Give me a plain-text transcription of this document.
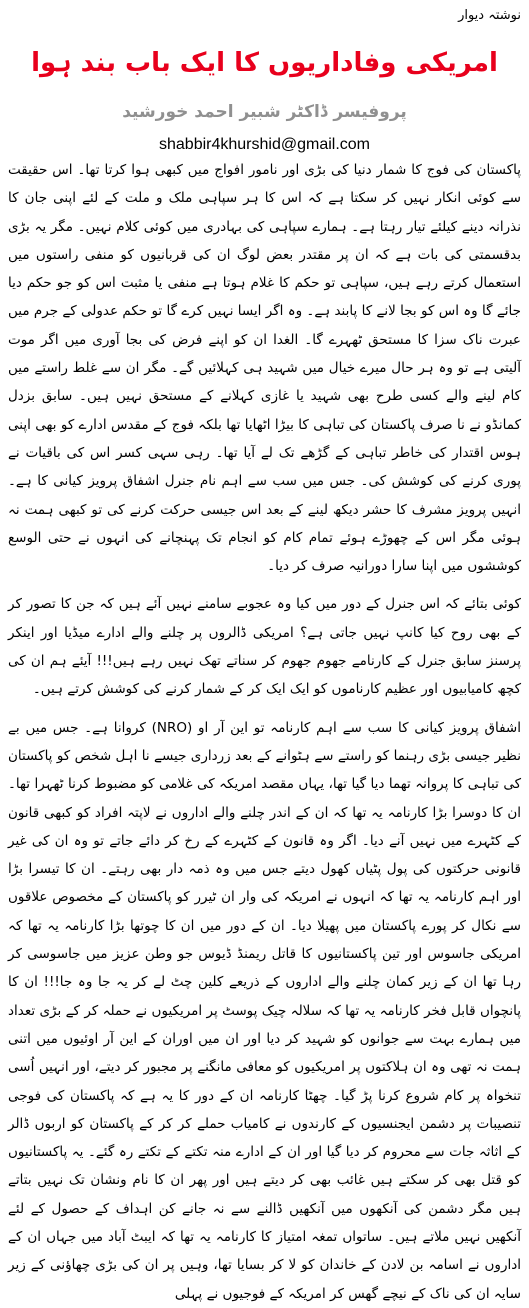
نوشتہ دیوار
امریکی وفاداریوں کا ایک باب بند ہوا
پروفیسر ڈاکٹر شبیر احمد خورشید
shabbir4khurshid@gmail.com

پاکستان کی فوج کا شمار دنیا کی بڑی اور نامور افواج میں کبھی ہوا کرتا تھا۔ اس حقیقت سے کوئی انکار نہیں کر سکتا ہے کہ اس کا ہر سپاہی ملک و ملت کے لئے اپنی جان کا نذرانہ دینے کیلئے تیار رہتا ہے۔ ہمارے سپاہی کی بہادری میں کوئی کلام نہیں۔ مگر یہ بڑی بدقسمتی کی بات ہے کہ ان پر مقتدر بعض لوگ ان کی قربانیوں کو منفی راستوں میں استعمال کرتے رہے ہیں، سپاہی تو حکم کا غلام ہوتا ہے منفی یا مثبت اس کو جو حکم دیا جائے گا وہ اس کو بجا لانے کا پابند ہے۔ وہ اگر ایسا نہیں کرے گا تو حکم عدولی کے جرم میں عبرت ناک سزا کا مستحق ٹھہرے گا۔ الغدا ان کو اپنے فرض کی بجا آوری میں اگر موت آلیتی ہے تو وہ ہر حال میرے خیال میں شہید ہی کہلائیں گے۔ مگر ان سے غلط راستے میں کام لینے والے کسی طرح بھی شہید یا غازی کہلانے کے مستحق نہیں ہیں۔ سابق بزدل کمانڈو نے نا صرف پاکستان کی تباہی کا بیڑا اٹھایا تھا بلکہ فوج کے مقدس ادارے کو بھی اپنی ہوس اقتدار کی خاطر تباہی کے گڑھے تک لے آیا تھا۔ رہی سہی کسر اس کی باقیات نے پوری کرنے کی کوشش کی۔ جس میں سب سے اہم نام جنرل اشفاق پرویز کیانی کا ہے۔ انہیں پرویز مشرف کا حشر دیکھ لینے کے بعد اس جیسی حرکت کرنے کی تو کبھی ہمت نہ ہوئی مگر اس کے چھوڑے ہوئے تمام کام کو انجام تک پہنچانے کی انہوں نے حتی الوسع کوششوں میں اپنا سارا دورانیہ صرف کر دیا۔

کوئی بتائے کہ اس جنرل کے دور میں کیا وہ عجوبے سامنے نہیں آئے ہیں کہ جن کا تصور کر کے بھی روح کیا کانپ نہیں جاتی ہے؟ امریکی ڈالروں پر چلنے والے ادارے میڈیا اور اینکر پرسنز سابق جنرل کے کارنامے جھوم جھوم کر سناتے تھک نہیں رہے ہیں!!! آیئے ہم ان کی کچھ کامیابیوں اور عظیم کارناموں کو ایک ایک کر کے شمار کرنے کی کوشش کرتے ہیں۔

اشفاق پرویز کیانی کا سب سے اہم کارنامہ تو این آر او (NRO) کروانا ہے۔ جس میں بے نظیر جیسی بڑی رہنما کو راستے سے ہٹوانے کے بعد زرداری جیسے نا اہل شخص کو پاکستان کی تباہی کا پروانہ تھما دیا گیا تھا، یہاں مقصد امریکہ کی غلامی کو مضبوط کرنا ٹھہرا تھا۔ ان کا دوسرا بڑا کارنامہ یہ تھا کہ ان کے اندر چلنے والے اداروں نے لاپتہ افراد کو کبھی قانون کے کٹہرے میں نہیں آنے دیا۔ اگر وہ قانون کے کٹہرے کے رخ کر دائے جاتے تو وہ ان کی غیر قانونی حرکتوں کی پول پٹیاں کھول دیتے جس میں وہ ذمہ دار بھی رہتے۔ ان کا تیسرا بڑا اور اہم کارنامہ یہ تھا کہ انہوں نے امریکہ کی وار ان ٹیرر کو پاکستان کے مخصوص علاقوں سے نکال کر پورے پاکستان میں پھیلا دیا۔ ان کے دور میں ان کا چوتھا بڑا کارنامہ یہ تھا کہ امریکی جاسوس اور تین پاکستانیوں کا قاتل ریمنڈ ڈیوس جو وطن عزیز میں جاسوسی کر رہا تھا ان کے زیر کمان چلنے والے اداروں کے ذریعے کلین چٹ لے کر یہ جا وہ جا!!! ان کا پانچواں قابل فخر کارنامہ یہ تھا کہ سلالہ چیک پوسٹ پر امریکیوں نے حملہ کر کے بڑی تعداد میں ہمارے بہت سے جوانوں کو شہید کر دیا اور ان میں اوران کے این آر اوئیوں میں اتنی ہمت نہ تھی وہ ان ہلاکتوں پر امریکیوں کو معافی مانگنے پر مجبور کر دیتے، اور انہیں اُسی تنخواہ پر کام شروع کرنا پڑ گیا۔ چھٹا کارنامہ ان کے دور کا یہ ہے کہ پاکستان کی فوجی تنصیبات پر دشمن ایجنسیوں کے کارندوں نے کامیاب حملے کر کر کے پاکستان کو اربوں ڈالر کے اثاثہ جات سے محروم کر دیا گیا اور ان کے ادارے منہ تکتے کے تکتے رہ گئے۔ یہ پاکستانیوں کو قتل بھی کر سکتے ہیں غائب بھی کر دیتے ہیں اور پھر ان کا نام ونشان تک نہیں بتاتے ہیں مگر دشمن کی آنکھوں میں آنکھیں ڈالنے سے نہ جانے کن اہداف کے حصول کے لئے آنکھیں نہیں ملاتے ہیں۔ ساتواں تمغہ امتیاز کا کارنامہ یہ تھا کہ ایبٹ آباد میں جہاں ان کے اداروں نے اسامہ بن لادن کے خاندان کو لا کر بسایا تھا، وہیں پر ان کی بڑی چھاؤنی کے زیر سایہ ان کی ناک کے نیچے گھس کر امریکہ کے فوجیوں نے پہلی
